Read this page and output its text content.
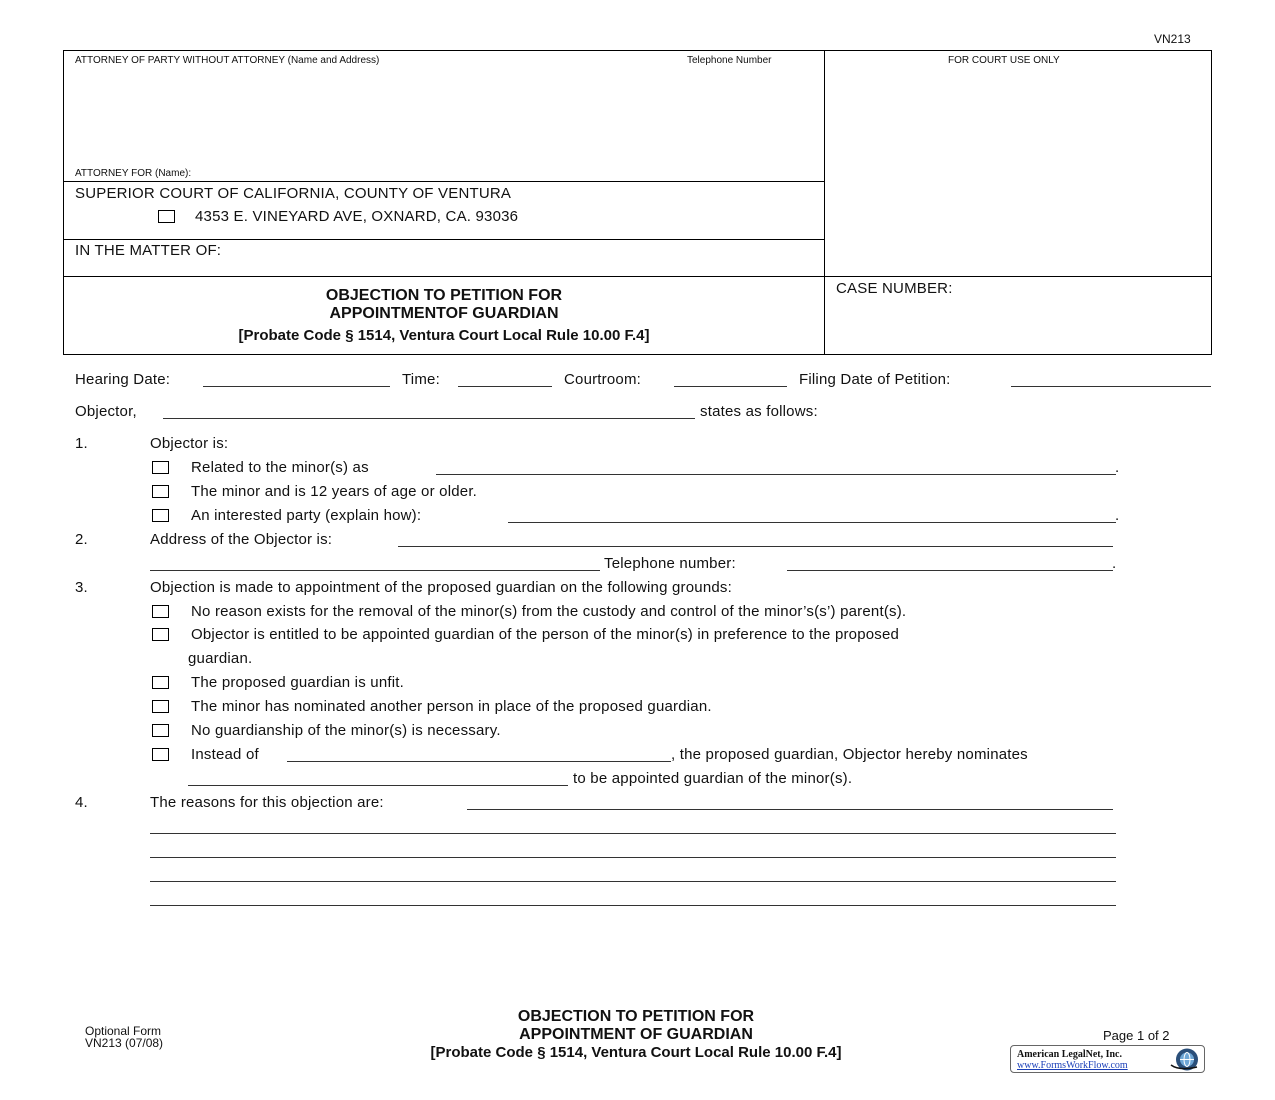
VN213
ATTORNEY OF PARTY WITHOUT ATTORNEY (Name and Address)	Telephone Number	FOR COURT USE ONLY
ATTORNEY FOR (Name):
SUPERIOR COURT OF CALIFORNIA, COUNTY OF VENTURA
4353 E. VINEYARD AVE, OXNARD, CA. 93036
IN THE MATTER OF:
OBJECTION TO PETITION FOR
APPOINTMENTOF GUARDIAN
[Probate Code § 1514, Ventura Court Local Rule 10.00 F.4]
CASE NUMBER:
Hearing Date:	Time:	Courtroom:	Filing Date of Petition:
Objector,	states as follows:
1.	Objector is:
Related to the minor(s) as	.
The minor and is 12 years of age or older.
An interested party (explain how):	.
2.	Address of the Objector is:
Telephone number:	.
3.	Objection is made to appointment of the proposed guardian on the following grounds:
No reason exists for the removal of the minor(s) from the custody and control of the minor’s(s’) parent(s).
Objector is entitled to be appointed guardian of the person of the minor(s) in preference to the proposed
guardian.
The proposed guardian is unfit.
The minor has nominated another person in place of the proposed guardian.
No guardianship of the minor(s) is necessary.
Instead of	, the proposed guardian, Objector hereby nominates
to be appointed guardian of the minor(s).
4.	The reasons for this objection are:
Optional Form
VN213 (07/08)
OBJECTION TO PETITION FOR
APPOINTMENT OF GUARDIAN
[Probate Code § 1514, Ventura Court Local Rule 10.00 F.4]
Page 1 of 2
American LegalNet, Inc.
www.FormsWorkFlow.com
